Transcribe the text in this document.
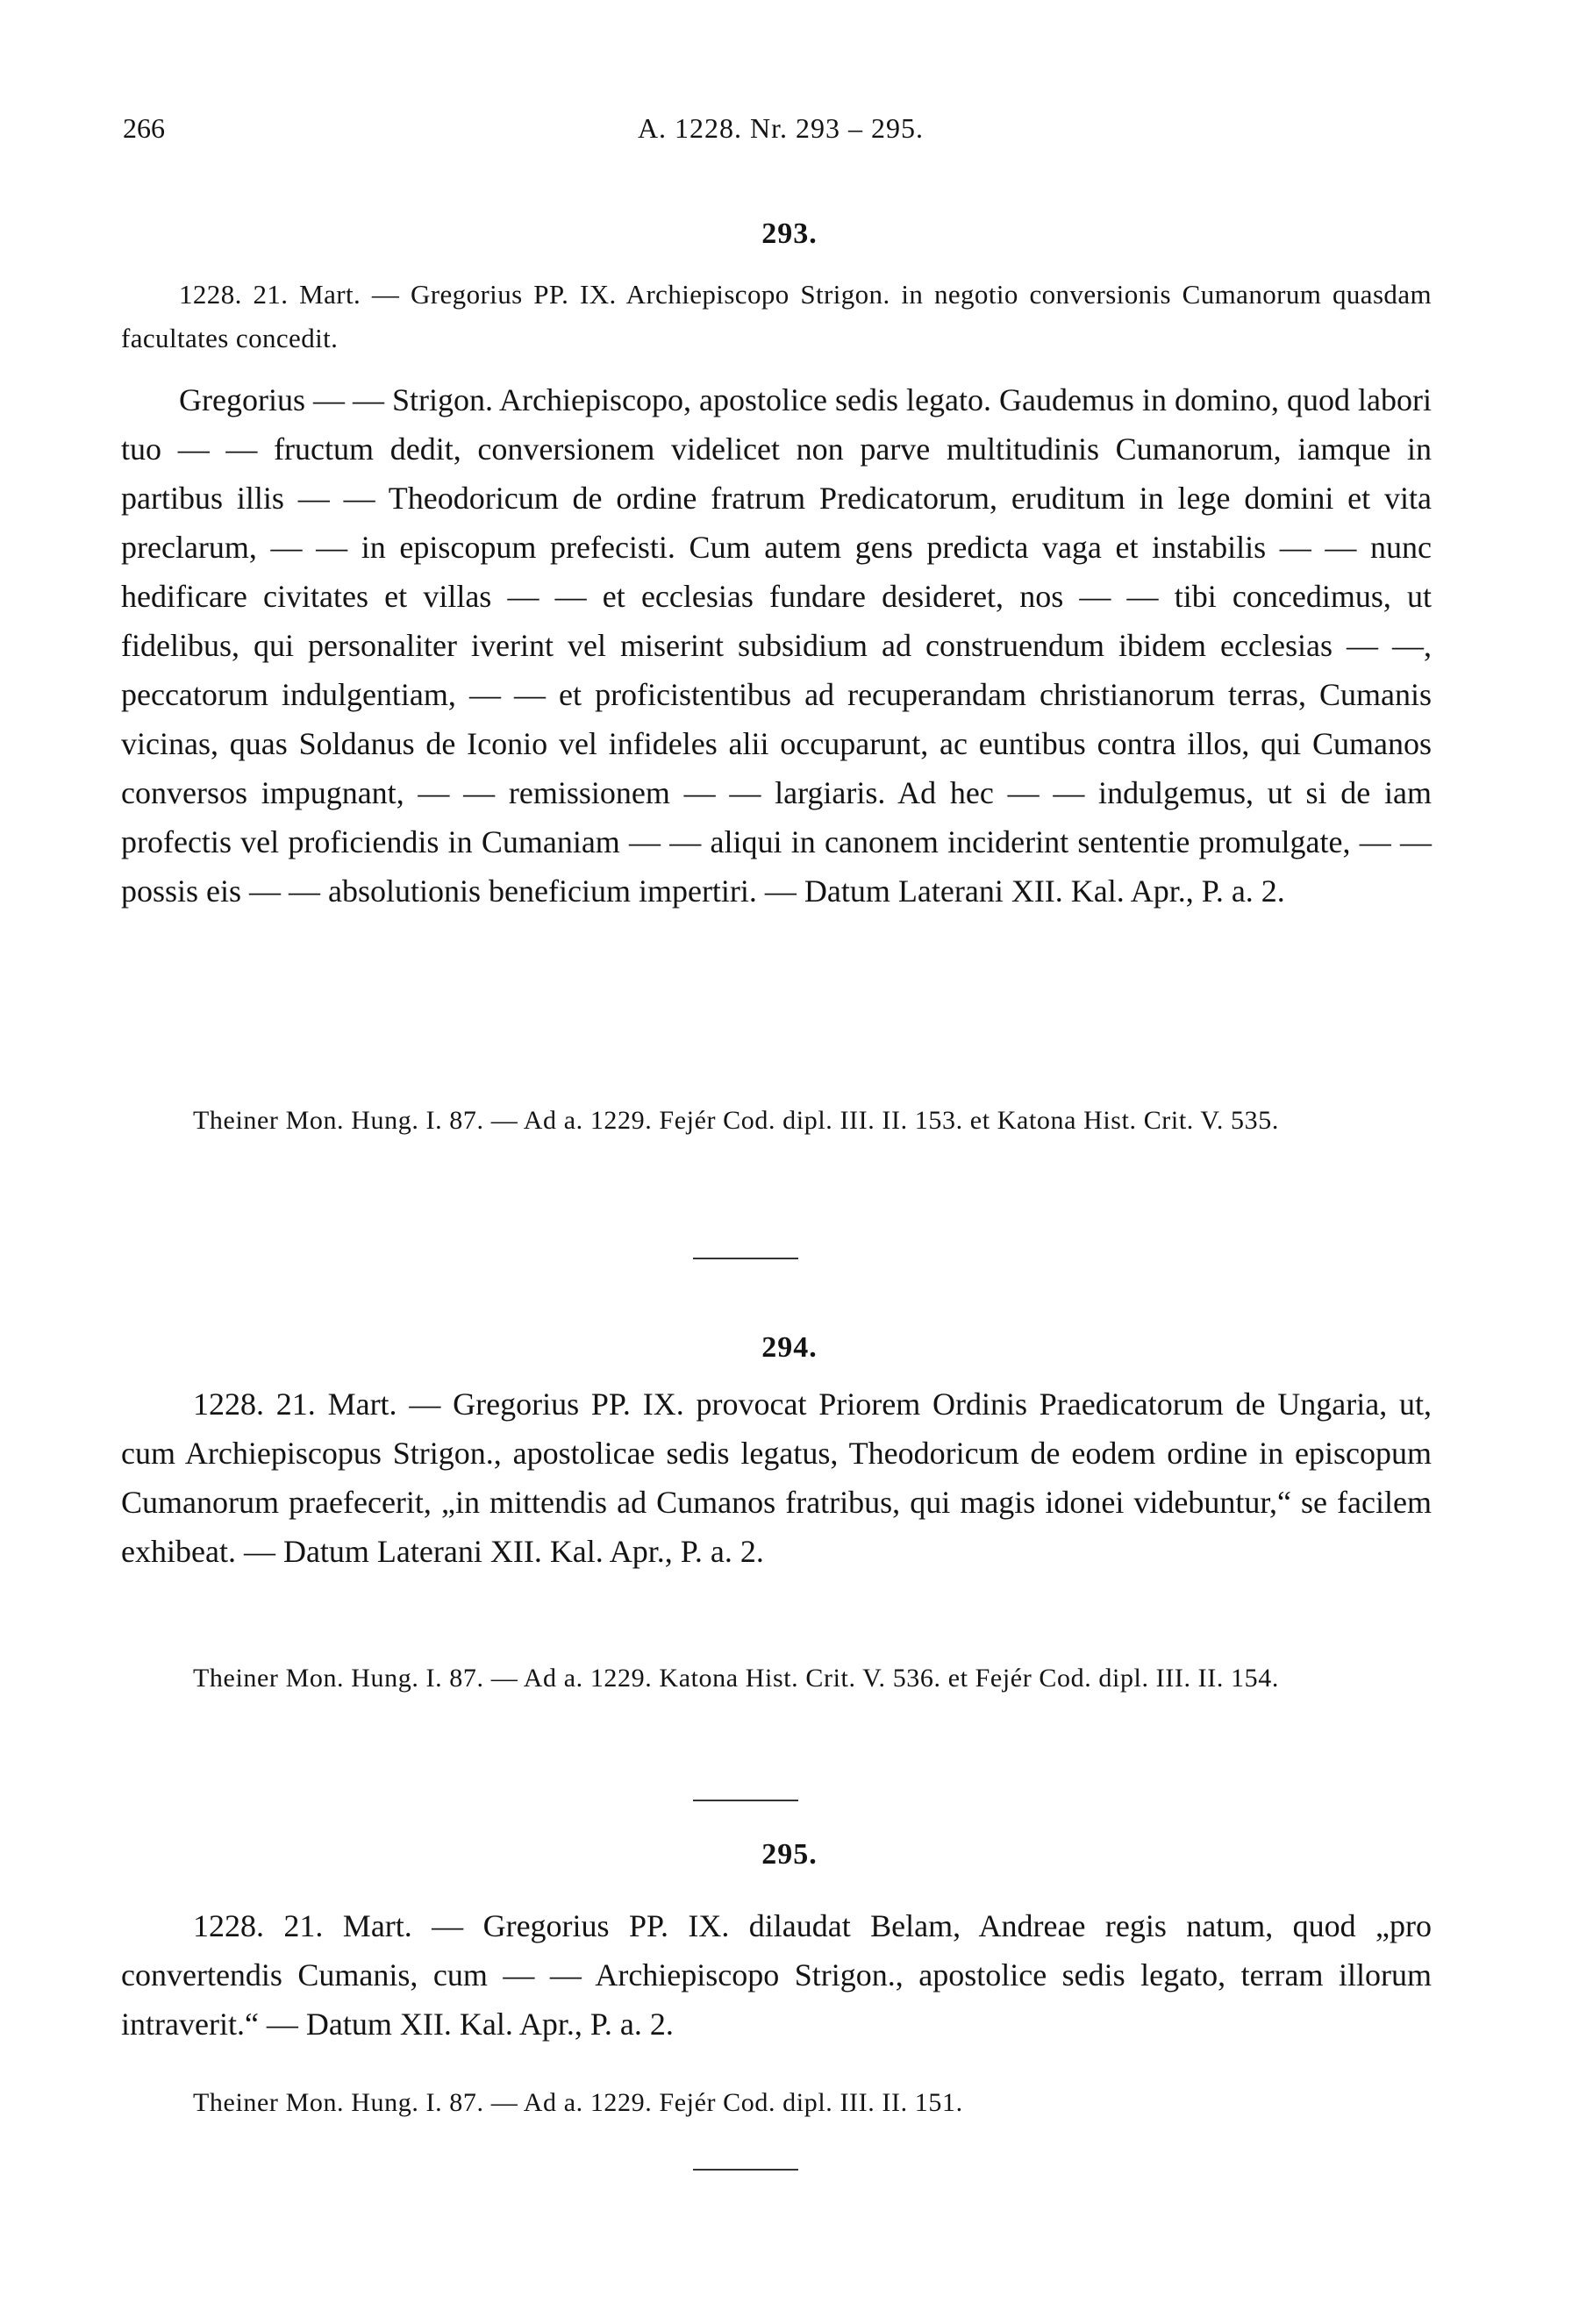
266	A. 1228. Nr. 293 – 295.
293.

1228. 21. Mart. — Gregorius PP. IX. Archiepiscopo Strigon. in negotio conversionis Cumanorum quasdam facultates concedit.

Gregorius — — Strigon. Archiepiscopo, apostolice sedis legato. Gaudemus in domino, quod labori tuo — — fructum dedit, conversionem videlicet non parve multitudinis Cumanorum, iamque in partibus illis — — Theodoricum de ordine fratrum Predicatorum, eruditum in lege domini et vita preclarum, — — in episcopum prefecisti. Cum autem gens predicta vaga et instabilis — — nunc hedificare civitates et villas — — et ecclesias fundare desideret, nos — — tibi concedimus, ut fidelibus, qui personaliter iverint vel miserint subsidium ad construendum ibidem ecclesias — —, peccatorum indulgentiam, — — et proficistentibus ad recuperandam christianorum terras, Cumanis vicinas, quas Soldanus de Iconio vel infideles alii occuparunt, ac euntibus contra illos, qui Cumanos conversos impugnant, — — remissionem — — largiaris. Ad hec — — indulgemus, ut si de iam profectis vel proficiendis in Cumaniam — — aliqui in canonem inciderint sententie promulgate, — — possis eis — — absolutionis beneficium impertiri. — Datum Laterani XII. Kal. Apr., P. a. 2.

Theiner Mon. Hung. I. 87. — Ad a. 1229. Fejér Cod. dipl. III. II. 153. et Katona Hist. Crit. V. 535.

294.

1228. 21. Mart. — Gregorius PP. IX. provocat Priorem Ordinis Praedicatorum de Ungaria, ut, cum Archiepiscopus Strigon., apostolicae sedis legatus, Theodoricum de eodem ordine in episcopum Cumanorum praefecerit, „in mittendis ad Cumanos fratribus, qui magis idonei videbuntur,“ se facilem exhibeat. — Datum Laterani XII. Kal. Apr., P. a. 2.

Theiner Mon. Hung. I. 87. — Ad a. 1229. Katona Hist. Crit. V. 536. et Fejér Cod. dipl. III. II. 154.

295.

1228. 21. Mart. — Gregorius PP. IX. dilaudat Belam, Andreae regis natum, quod „pro convertendis Cumanis, cum — — Archiepiscopo Strigon., apostolice sedis legato, terram illorum intraverit.“ — Datum XII. Kal. Apr., P. a. 2.

Theiner Mon. Hung. I. 87. — Ad a. 1229. Fejér Cod. dipl. III. II. 151.
